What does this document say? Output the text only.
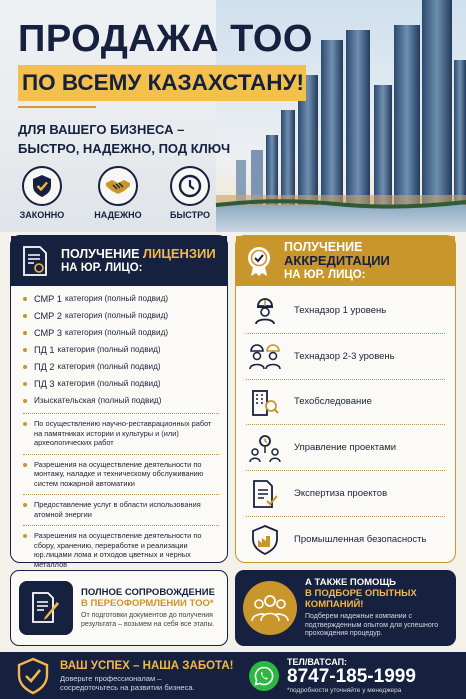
ПРОДАЖА ТОО
ПО ВСЕМУ КАЗАХСТАНУ!
ДЛЯ ВАШЕГО БИЗНЕСА –
БЫСТРО, НАДЕЖНО, ПОД КЛЮЧ
ЗАКОННО	НАДЕЖНО	БЫСТРО
ПОЛУЧЕНИЕ ЛИЦЕНЗИИ
НА ЮР. ЛИЦО:
СМР 1 категория (полный подвид)
СМР 2 категория (полный подвид)
СМР 3 категория (полный подвид)
ПД 1 категория (полный подвид)
ПД 2 категория (полный подвид)
ПД 3 категория (полный подвид)
Изыскательская (полный подвид)
По осуществлению научно-реставрационных работ на памятниках истории и культуры и (или) археологических работ
Разрешения на осуществление деятельности по монтажу, наладке и техническому обслуживанию систем пожарной автоматики
Предоставление услуг в области использования атомной энергии
Разрешения на осуществление деятельности по сбору, хранению, переработке и реализации юр.лицами лома и отходов цветных и черных металлов
ПОЛУЧЕНИЕ АККРЕДИТАЦИИ
НА ЮР. ЛИЦО:
Технадзор 1 уровень
Технадзор 2-3 уровень
Техобследование
Управление проектами
Экспертиза проектов
Промышленная безопасность
ПОЛНОЕ СОПРОВОЖДЕНИЕ
В ПЕРЕОФОРМЛЕНИИ ТОО*
От подготовки документов до получения результата – возьмем на себя все этапы.
А ТАКЖЕ ПОМОЩЬ
В ПОДБОРЕ ОПЫТНЫХ
КОМПАНИЙ!
Подберем надежные компании с подтвержденным опытом для успешного прохождения процедур.
ВАШ УСПЕХ – НАША ЗАБОТА!
Доверьте профессионалам –
сосредоточьтесь на развитии бизнеса.
ТЕЛ/ВАТСАП:
8747-185-1999
*подробности уточняйте у менеджера
